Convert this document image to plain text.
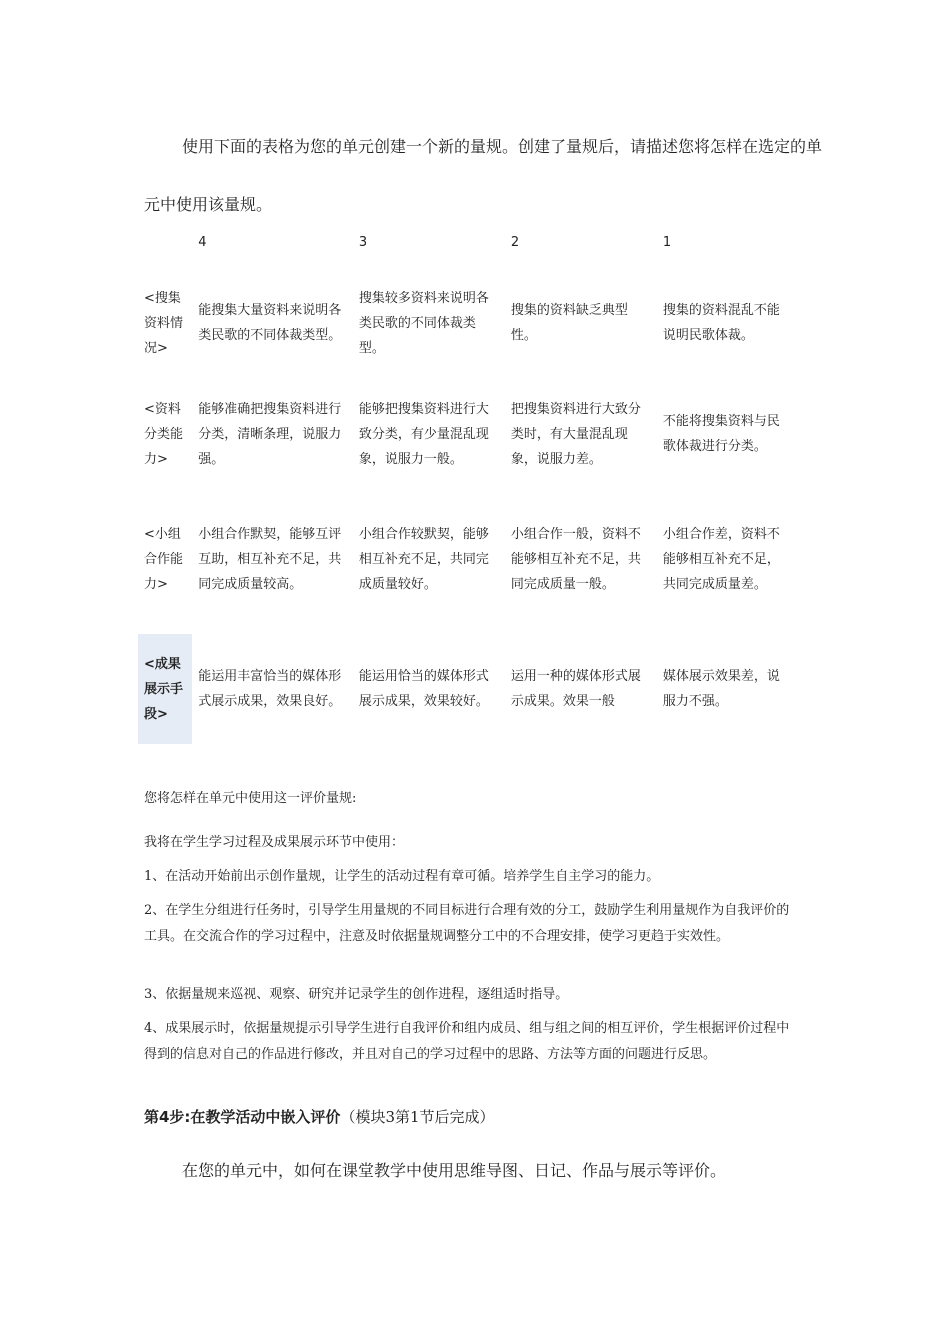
使用下面的表格为您的单元创建一个新的量规。创建了量规后，请描述您将怎样在选定的单元中使用该量规。

	4	3	2	1
<搜集资料情况>	能搜集大量资料来说明各类民歌的不同体裁类型。	搜集较多资料来说明各类民歌的不同体裁类型。	搜集的资料缺乏典型性。	搜集的资料混乱不能说明民歌体裁。
<资料分类能力>	能够准确把搜集资料进行分类，清晰条理，说服力强。	能够把搜集资料进行大致分类，有少量混乱现象，说服力一般。	把搜集资料进行大致分类时，有大量混乱现象，说服力差。	不能将搜集资料与民歌体裁进行分类。
<小组合作能力>	小组合作默契，能够互评互助，相互补充不足，共同完成质量较高。	小组合作较默契，能够相互补充不足，共同完成质量较好。	小组合作一般，资料不能够相互补充不足，共同完成质量一般。	小组合作差，资料不能够相互补充不足，共同完成质量差。
<成果展示手段>	能运用丰富恰当的媒体形式展示成果，效果良好。	能运用恰当的媒体形式展示成果，效果较好。	运用一种的媒体形式展示成果。效果一般	媒体展示效果差，说服力不强。

您将怎样在单元中使用这一评价量规:

我将在学生学习过程及成果展示环节中使用：

1、在活动开始前出示创作量规，让学生的活动过程有章可循。培养学生自主学习的能力。

2、在学生分组进行任务时，引导学生用量规的不同目标进行合理有效的分工，鼓励学生利用量规作为自我评价的工具。在交流合作的学习过程中，注意及时依据量规调整分工中的不合理安排，使学习更趋于实效性。

3、依据量规来巡视、观察、研究并记录学生的创作进程，逐组适时指导。

4、成果展示时，依据量规提示引导学生进行自我评价和组内成员、组与组之间的相互评价，学生根据评价过程中得到的信息对自己的作品进行修改，并且对自己的学习过程中的思路、方法等方面的问题进行反思。

第4步:在教学活动中嵌入评价（模块3第1节后完成）

在您的单元中，如何在课堂教学中使用思维导图、日记、作品与展示等评价。
